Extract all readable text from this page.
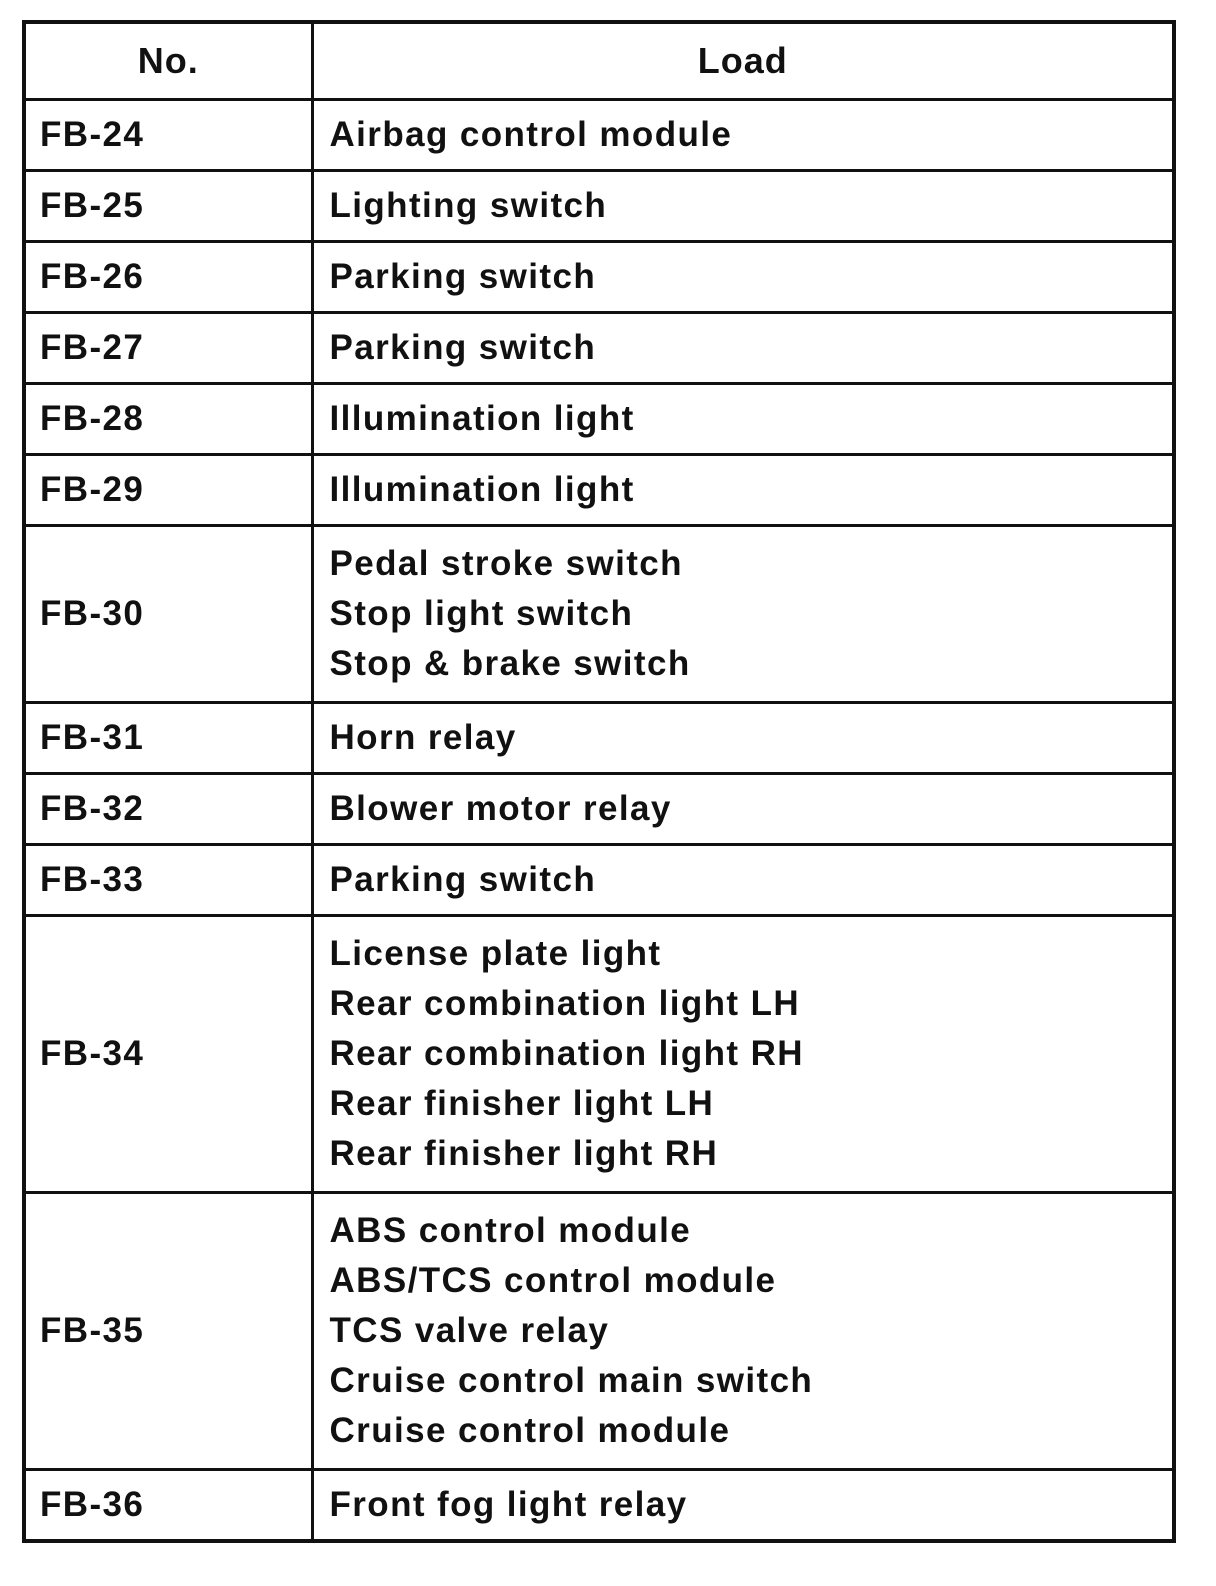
No.	Load
FB-24	Airbag control module

FB-25	Lighting switch

FB-26	Parking switch

FB-27	Parking switch

FB-28	Illumination light

FB-29	Illumination light

FB-30	Pedal stroke switch
Stop light switch
Stop & brake switch

FB-31	Horn relay

FB-32	Blower motor relay

FB-33	Parking switch

FB-34	License plate light
Rear combination light LH
Rear combination light RH
Rear finisher light LH
Rear finisher light RH

FB-35	ABS control module
ABS/TCS control module
TCS valve relay
Cruise control main switch
Cruise control module

FB-36	Front fog light relay
